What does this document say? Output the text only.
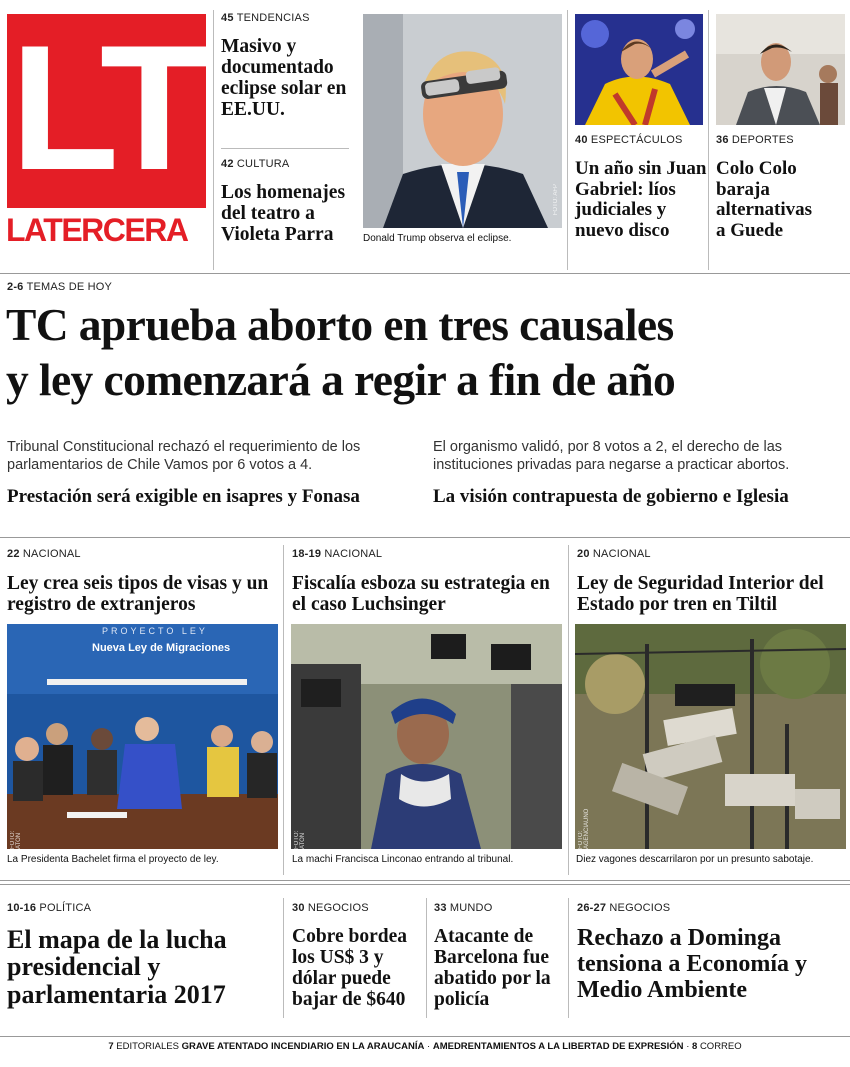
LT
LATERCERA
45 TENDENCIAS
Masivo y documentado eclipse solar en EE.UU.
42 CULTURA
Los homenajes del teatro a Violeta Parra
FOTO: AFP
Donald Trump observa el eclipse.
40 ESPECTÁCULOS
Un año sin Juan Gabriel: líos judiciales y nuevo disco
36 DEPORTES
Colo Colo baraja alternativas a Guede
2-6 TEMAS DE HOY
TC aprueba aborto en tres causales
y ley comenzará a regir a fin de año
Tribunal Constitucional rechazó el requerimiento de los parlamentarios de Chile Vamos por 6 votos a 4.
Prestación será exigible en isapres y Fonasa
El organismo validó, por 8 votos a 2, el derecho de las instituciones privadas para negarse a practicar abortos.
La visión contrapuesta de gobierno e Iglesia
22 NACIONAL
Ley crea seis tipos de visas y un registro de extranjeros
PROYECTO LEY
Nueva Ley de Migraciones
FOTO: ATON
La Presidenta Bachelet firma el proyecto de ley.
18-19 NACIONAL
Fiscalía esboza su estrategia en el caso Luchsinger
FOTO: ATON
La machi Francisca Linconao entrando al tribunal.
20 NACIONAL
Ley de Seguridad Interior del Estado por tren en Tiltil
FOTO: AGENCIAUNO
Diez vagones descarrilaron por un presunto sabotaje.
10-16 POLÍTICA
El mapa de la lucha presidencial y parlamentaria 2017
30 NEGOCIOS
Cobre bordea los US$ 3 y dólar puede bajar de $640
33 MUNDO
Atacante de Barcelona fue abatido por la policía
26-27 NEGOCIOS
Rechazo a Dominga tensiona a Economía y Medio Ambiente
7 EDITORIALES GRAVE ATENTADO INCENDIARIO EN LA ARAUCANÍA · AMEDRENTAMIENTOS A LA LIBERTAD DE EXPRESIÓN · 8 CORREO
